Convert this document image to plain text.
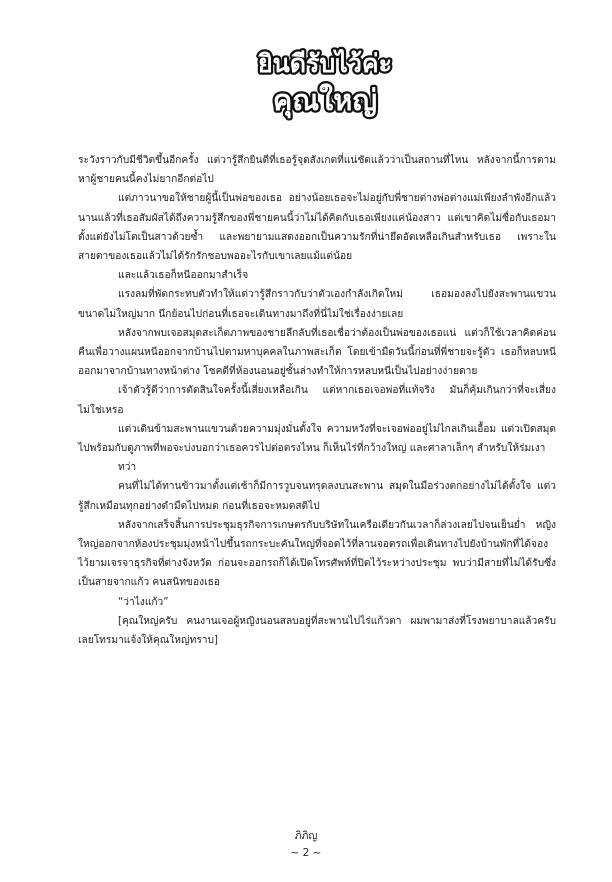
ยินดีรับไว้ค่ะ
คุณใหญ่

ระวังราวกับมีชีวิตขึ้นอีกครั้ง แต่วารู้สึกยินดีที่เธอรู้จุดสังเกตที่แน่ชัดแล้วว่าเป็นสถานที่ไหน หลังจากนี้การตามหาผู้ชายคนนี้คงไม่ยากอีกต่อไป

แต่ภาวนาขอให้ชายผู้นี้เป็นพ่อของเธอ อย่างน้อยเธอจะไม่อยู่กับพี่ชายต่างพ่อต่างแม่เพียงลำพังอีกแล้ว นานแล้วที่เธอสัมผัสได้ถึงความรู้สึกของพี่ชายคนนี้ว่าไม่ได้คิดกับเธอเพียงแค่น้องสาว แต่เขาคิดไม่ซื่อกับเธอมาตั้งแต่ยังไม่โตเป็นสาวด้วยซ้ำ และพยายามแสดงออกเป็นความรักที่น่ายึดอัดเหลือเกินสำหรับเธอ เพราะในสายตาของเธอแล้วไม่ได้รักรักชอบพออะไรกับเขาเลยแม้แต่น้อย

และแล้วเธอก็หนีออกมาสำเร็จ

แรงลมที่พัดกระทบตัวทำให้แต่วารู้สึกราวกับว่าตัวเองกำลังเกิดใหม่ เธอมองลงไปยังสะพานแขวนขนาดไม่ใหญ่มาก นึกย้อนไปก่อนที่เธอจะเดินทางมาถึงที่นี่ไม่ใช่เรื่องง่ายเลย

หลังจากพบเจอสมุดสะเก็ตภาพของชายลึกลับที่เธอเชื่อว่าต้องเป็นพ่อของเธอแน่ แต่วก็ใช้เวลาคิดค่อนคืนเพื่อวางแผนหนีออกจากบ้านไปตามหาบุคคลในภาพสะเก็ต โดยเข้ามืดวันนี้ก่อนที่พี่ชายจะรู้ตัว เธอก็หลบหนีออกมาจากบ้านทางหน้าต่าง โชคดีที่ห้องนอนอยู่ชั้นล่างทำให้การหลบหนีเป็นไปอย่างง่ายดาย

เจ้าตัวรู้ดีว่าการตัดสินใจครั้งนี้เสี่ยงเหลือเกิน แต่หากเธอเจอพ่อที่แท้จริง มันก็คุ้มเกินกว่าที่จะเสี่ยงไม่ใช่เหรอ

แต่วเดินข้ามสะพานแขวนด้วยความมุ่งมั่นตั้งใจ ความหวังที่จะเจอพ่ออยู่ไม่ไกลเกินเอื้อม แต่วเปิดสมุดไปพร้อมกับดูภาพที่พอจะบ่งบอกว่าเธอควรไปต่อตรงไหน ก็เห็นไร่ที่กว้างใหญ่ และศาลาเล็กๆ สำหรับให้ร่มเงา

ทว่า

คนที่ไม่ได้ทานข้าวมาตั้งแต่เช้าก็มีการวูบจนทรุดลงบนสะพาน สมุดในมือร่วงตกอย่างไม่ได้ตั้งใจ แต่วรู้สึกเหมือนทุกอย่างดำมืดไปหมด ก่อนที่เธอจะหมดสติไป

หลังจากเสร็จสิ้นการประชุมธุรกิจการเกษตรกับบริษัทในเครือเดียวกันเวลาก็ล่วงเลยไปจนเย็นย่ำ หญิงใหญ่ออกจากห้องประชุมมุ่งหน้าไปขึ้นรถกระบะคันใหญ่ที่จอดไว้ที่ลานจอดรถเพื่อเดินทางไปยังบ้านพักที่ได้จองไว้ยามเจรจาธุรกิจที่ต่างจังหวัด ก่อนจะออกรถก็ได้เปิดโทรศัพท์ที่ปิดไว้ระหว่างประชุม พบว่ามีสายที่ไม่ได้รับซึ่งเป็นสายจากแก้ว คนสนิทของเธอ

“ว่าไงแก้ว”

[คุณใหญ่ครับ คนงานเจอผู้หญิงนอนสลบอยู่ที่สะพานไปไร่แก้วตา ผมพามาส่งที่โรงพยาบาลแล้วครับ เลยโทรมาแจ้งให้คุณใหญ่ทราบ]

ภิภิญ
~ 2 ~
